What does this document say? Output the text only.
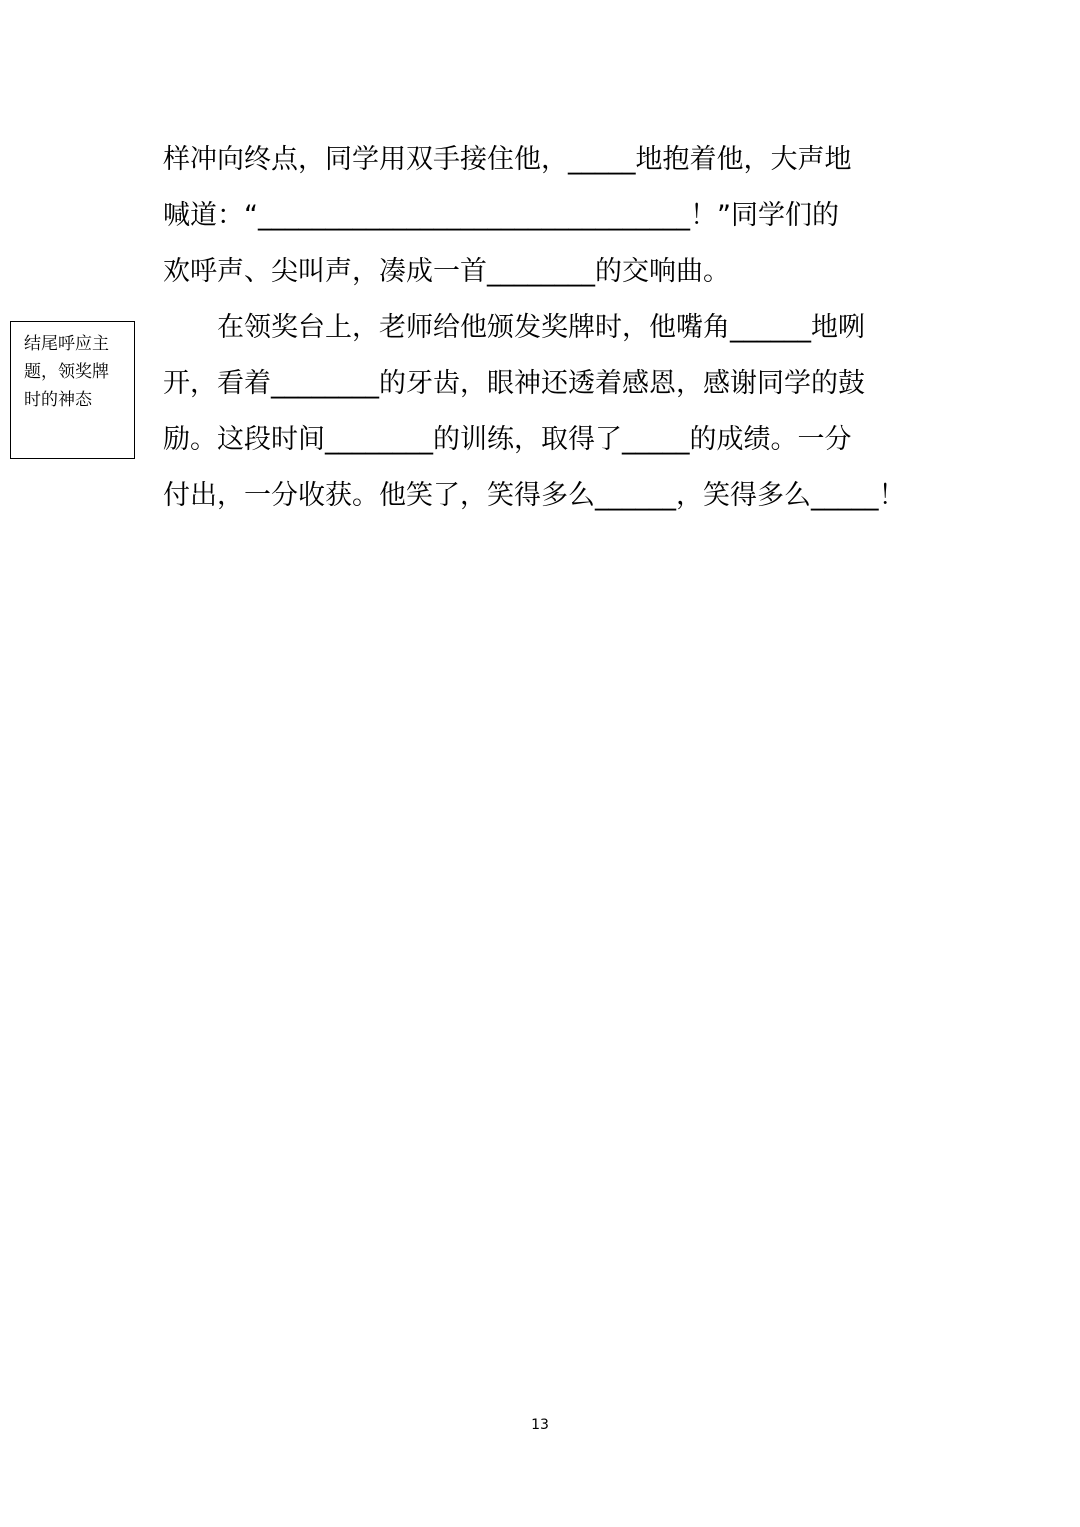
样冲向终点，同学用双手接住他，_____地抱着他，大声地
喊道：“________________________________！”同学们的
欢呼声、尖叫声，凑成一首________的交响曲。
　　在领奖台上，老师给他颁发奖牌时，他嘴角______地咧
开，看着________的牙齿，眼神还透着感恩，感谢同学的鼓
励。这段时间________的训练，取得了_____的成绩。一分
付出，一分收获。他笑了，笑得多么______，笑得多么_____！
结尾呼应主
题，领奖牌
时的神态
13
